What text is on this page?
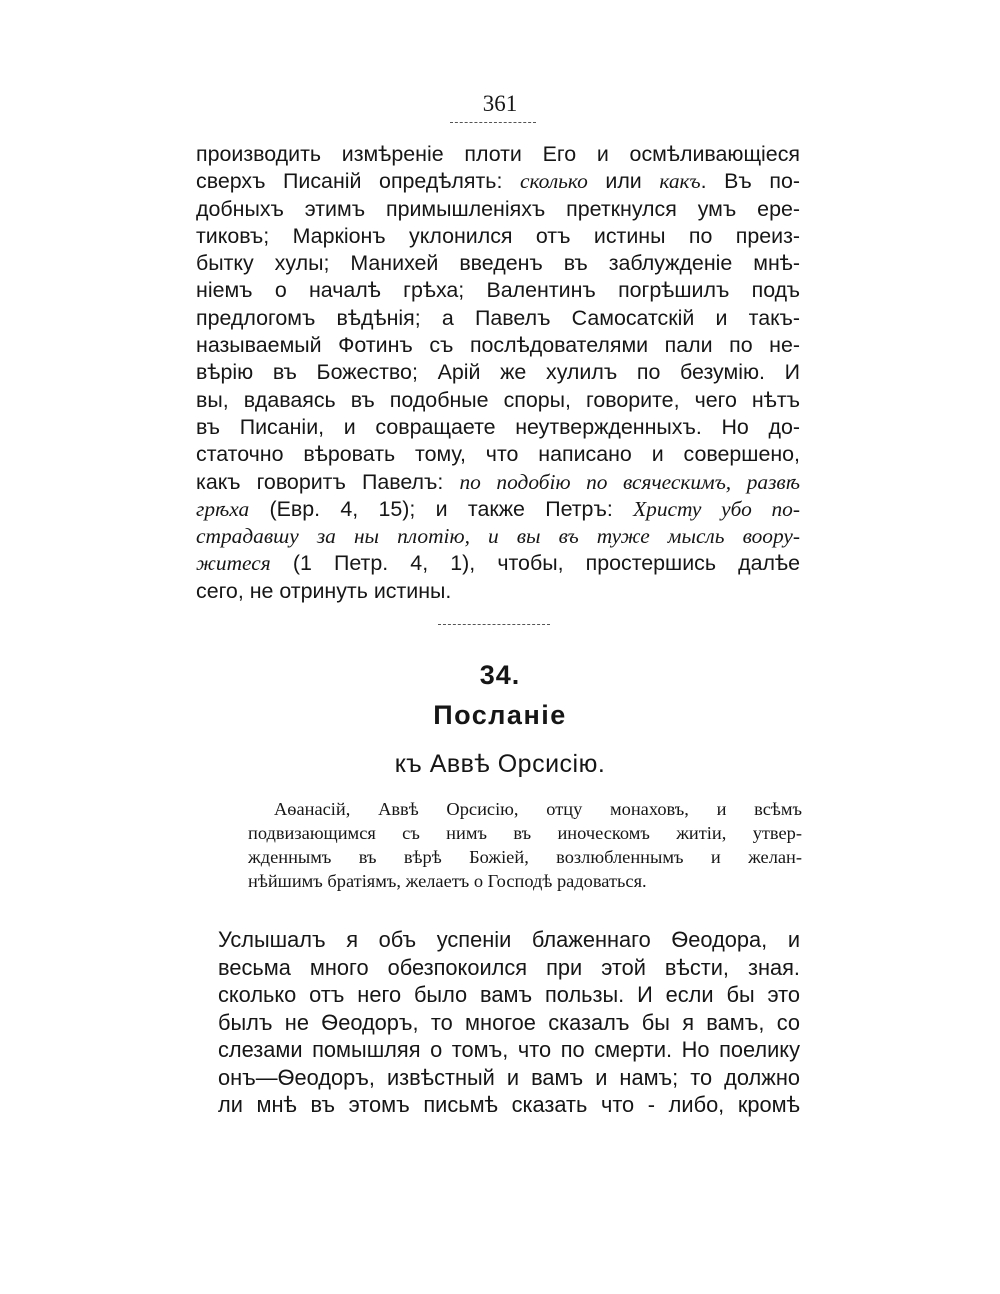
361
производить измѣреніе плоти Его и осмѣливающіеся
сверхъ Писаній опредѣлять: сколько или какъ. Въ по-
добныхъ этимъ примышленіяхъ преткнулся умъ ере-
тиковъ; Маркіонъ уклонился отъ истины по преиз-
бытку хулы; Манихей введенъ въ заблужденіе мнѣ-
ніемъ о началѣ грѣха; Валентинъ погрѣшилъ подъ
предлогомъ вѣдѣнія; а Павелъ Самосатскій и такъ-
называемый Фотинъ съ послѣдователями пали по не-
вѣрію въ Божество; Арій же хулилъ по безумію. И
вы, вдаваясь въ подобные споры, говорите, чего нѣтъ
въ Писаніи, и совращаете неутвержденныхъ. Но до-
статочно вѣровать тому, что написано и совершено,
какъ говоритъ Павелъ: по подобію по всяческимъ, развѣ
грѣха (Евр. 4, 15); и также Петръ: Христу убо по-
страдавшу за ны плотію, и вы въ туже мысль воору-
житеся (1 Петр. 4, 1), чтобы, простершись далѣе
сего, не отринуть истины.
34.
Посланіе
къ Аввѣ Орсисію.
Аѳанасій, Аввѣ Орсисію, отцу монаховъ, и всѣмъ
подвизающимся съ нимъ въ иноческомъ житіи, утвер-
жденнымъ въ вѣрѣ Божіей, возлюбленнымъ и желан-
нѣйшимъ братіямъ, желаетъ о Господѣ радоваться.
Услышалъ я объ успеніи блаженнаго Ѳеодора, и
весьма много обезпокоился при этой вѣсти, зная.
сколько отъ него было вамъ пользы. И если бы это
былъ не Ѳеодоръ, то многое сказалъ бы я вамъ, со
слезами помышляя о томъ, что по смерти. Но поелику
онъ—Ѳеодоръ, извѣстный и вамъ и намъ; то должно
ли мнѣ въ этомъ письмѣ сказать что - либо, кромѣ
